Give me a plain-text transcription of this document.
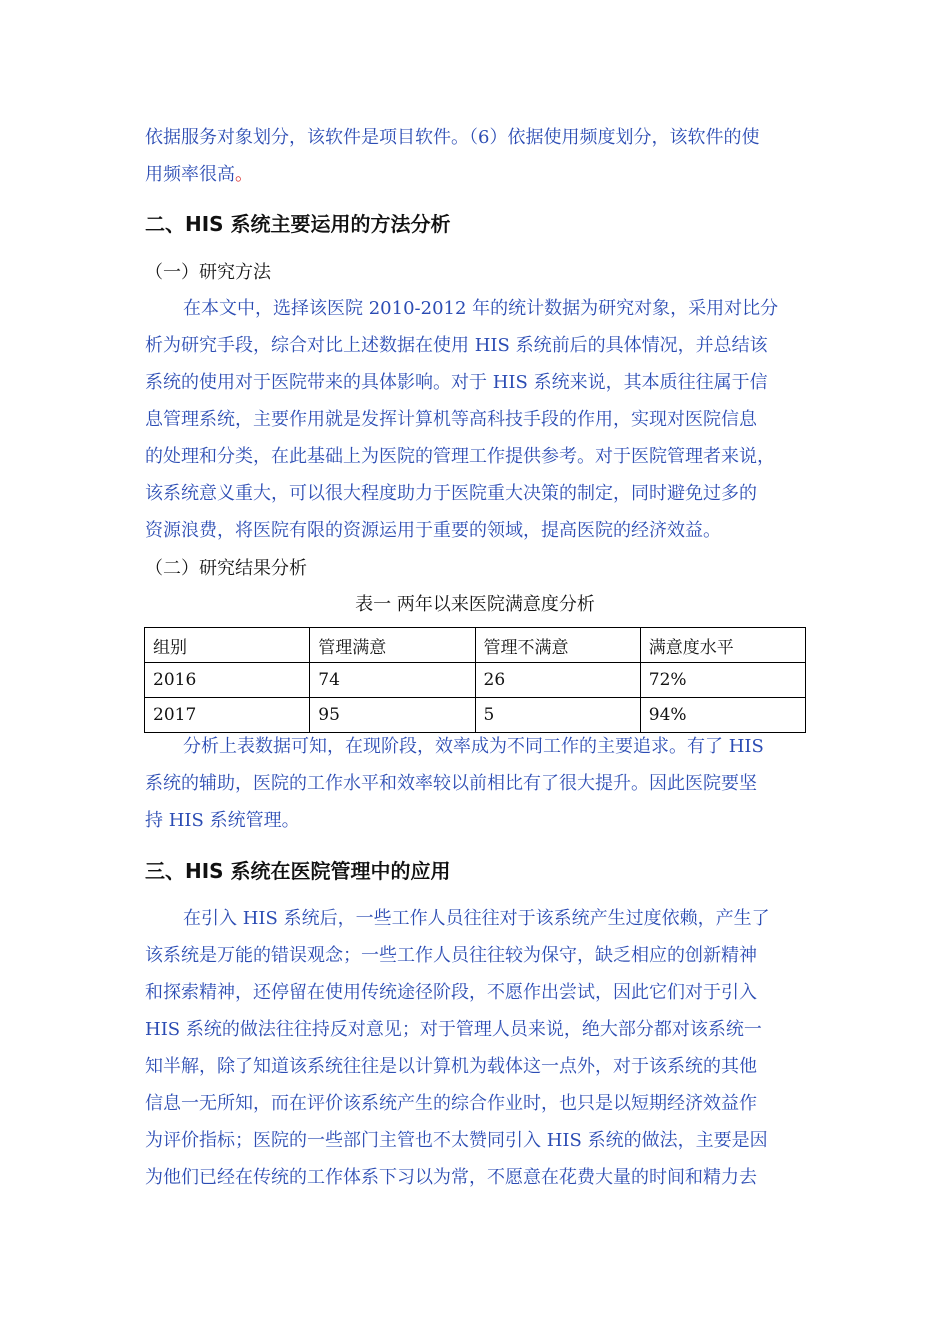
依据服务对象划分，该软件是项目软件。（6）依据使用频度划分，该软件的使
用频率很高。
二、HIS 系统主要运用的方法分析
（一）研究方法
在本文中，选择该医院 2010-2012 年的统计数据为研究对象，采用对比分
析为研究手段，综合对比上述数据在使用 HIS 系统前后的具体情况，并总结该
系统的使用对于医院带来的具体影响。对于 HIS 系统来说，其本质往往属于信
息管理系统，主要作用就是发挥计算机等高科技手段的作用，实现对医院信息
的处理和分类，在此基础上为医院的管理工作提供参考。对于医院管理者来说，
该系统意义重大，可以很大程度助力于医院重大决策的制定，同时避免过多的
资源浪费，将医院有限的资源运用于重要的领域，提高医院的经济效益。
（二）研究结果分析
表一 两年以来医院满意度分析
组别	管理满意	管理不满意	满意度水平
2016	74	26	72%
2017	95	5	94%
分析上表数据可知，在现阶段，效率成为不同工作的主要追求。有了 HIS
系统的辅助，医院的工作水平和效率较以前相比有了很大提升。因此医院要坚
持 HIS 系统管理。
三、HIS 系统在医院管理中的应用
在引入 HIS 系统后，一些工作人员往往对于该系统产生过度依赖，产生了
该系统是万能的错误观念；一些工作人员往往较为保守，缺乏相应的创新精神
和探索精神，还停留在使用传统途径阶段，不愿作出尝试，因此它们对于引入
HIS 系统的做法往往持反对意见；对于管理人员来说，绝大部分都对该系统一
知半解，除了知道该系统往往是以计算机为载体这一点外，对于该系统的其他
信息一无所知，而在评价该系统产生的综合作业时，也只是以短期经济效益作
为评价指标；医院的一些部门主管也不太赞同引入 HIS 系统的做法，主要是因
为他们已经在传统的工作体系下习以为常，不愿意在花费大量的时间和精力去
